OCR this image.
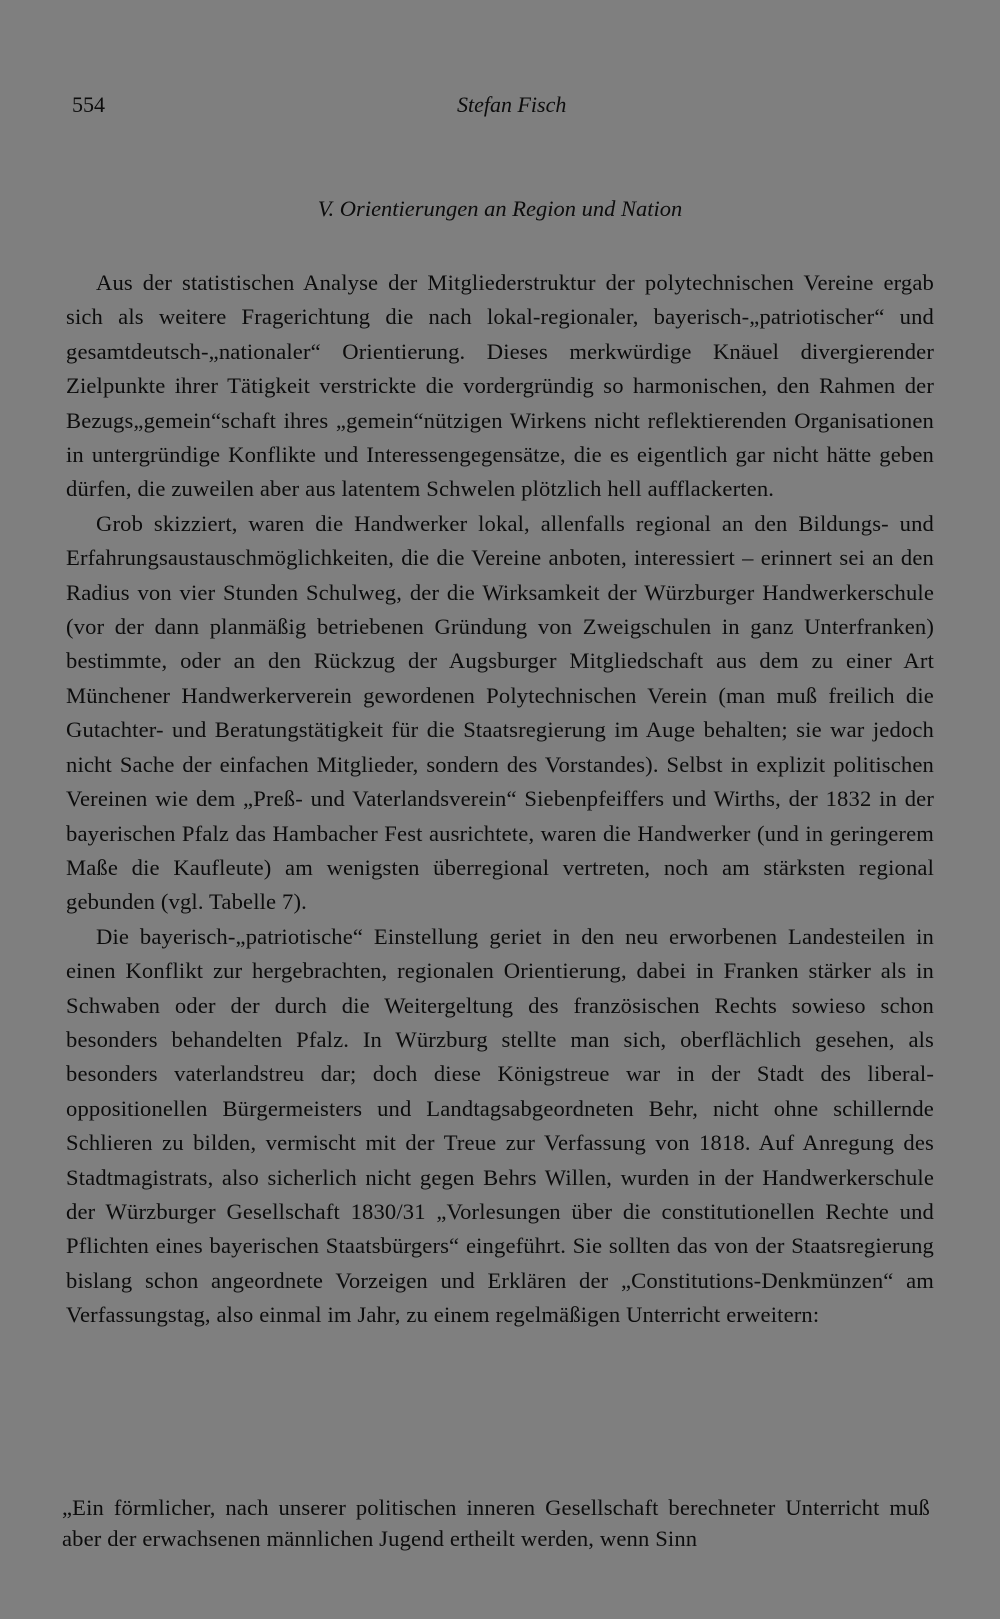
554	Stefan Fisch
V. Orientierungen an Region und Nation

Aus der statistischen Analyse der Mitgliederstruktur der polytechnischen Vereine ergab sich als weitere Fragerichtung die nach lokal-regionaler, bayerisch-„patriotischer“ und gesamtdeutsch-„nationaler“ Orientierung. Dieses merkwürdige Knäuel divergierender Zielpunkte ihrer Tätigkeit verstrickte die vordergründig so harmonischen, den Rahmen der Bezugs„gemein“schaft ihres „gemein“nützigen Wirkens nicht reflektierenden Organisationen in untergründige Konflikte und Interessengegensätze, die es eigentlich gar nicht hätte geben dürfen, die zuweilen aber aus latentem Schwelen plötzlich hell aufflackerten.

Grob skizziert, waren die Handwerker lokal, allenfalls regional an den Bildungs- und Erfahrungsaustauschmöglichkeiten, die die Vereine anboten, interessiert – erinnert sei an den Radius von vier Stunden Schulweg, der die Wirksamkeit der Würzburger Handwerkerschule (vor der dann planmäßig betriebenen Gründung von Zweigschulen in ganz Unterfranken) bestimmte, oder an den Rückzug der Augsburger Mitgliedschaft aus dem zu einer Art Münchener Handwerkerverein gewordenen Polytechnischen Verein (man muß freilich die Gutachter- und Beratungstätigkeit für die Staatsregierung im Auge behalten; sie war jedoch nicht Sache der einfachen Mitglieder, sondern des Vorstandes). Selbst in explizit politischen Vereinen wie dem „Preß- und Vaterlandsverein“ Siebenpfeiffers und Wirths, der 1832 in der bayerischen Pfalz das Hambacher Fest ausrichtete, waren die Handwerker (und in geringerem Maße die Kaufleute) am wenigsten überregional vertreten, noch am stärksten regional gebunden (vgl. Tabelle 7).

Die bayerisch-„patriotische“ Einstellung geriet in den neu erworbenen Landesteilen in einen Konflikt zur hergebrachten, regionalen Orientierung, dabei in Franken stärker als in Schwaben oder der durch die Weitergeltung des französischen Rechts sowieso schon besonders behandelten Pfalz. In Würzburg stellte man sich, oberflächlich gesehen, als besonders vaterlandstreu dar; doch diese Königstreue war in der Stadt des liberal-oppositionellen Bürgermeisters und Landtagsabgeordneten Behr, nicht ohne schillernde Schlieren zu bilden, vermischt mit der Treue zur Verfassung von 1818. Auf Anregung des Stadtmagistrats, also sicherlich nicht gegen Behrs Willen, wurden in der Handwerkerschule der Würzburger Gesellschaft 1830/31 „Vorlesungen über die constitutionellen Rechte und Pflichten eines bayerischen Staatsbürgers“ eingeführt. Sie sollten das von der Staatsregierung bislang schon angeordnete Vorzeigen und Erklären der „Constitutions-Denkmünzen“ am Verfassungstag, also einmal im Jahr, zu einem regelmäßigen Unterricht erweitern:

„Ein förmlicher, nach unserer politischen inneren Gesellschaft berechneter Unterricht muß aber der erwachsenen männlichen Jugend ertheilt werden, wenn Sinn
